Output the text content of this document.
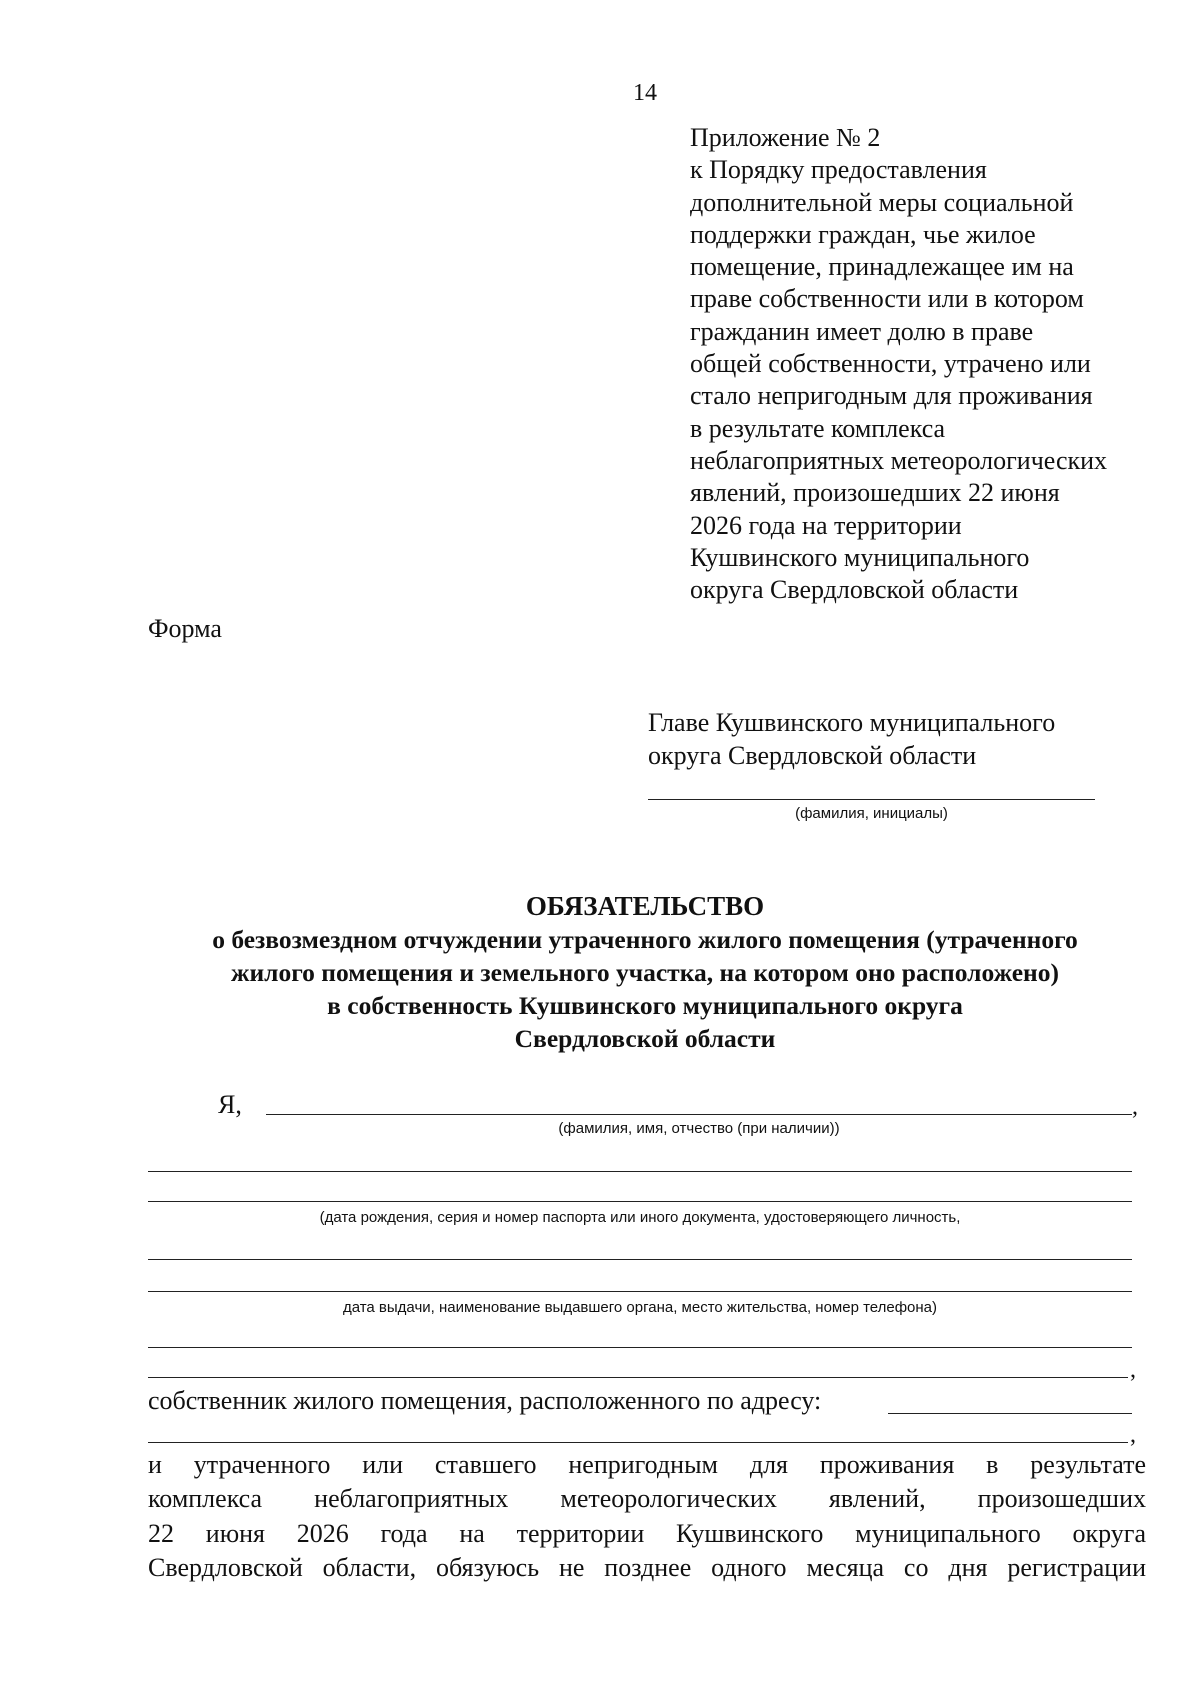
14
Приложение № 2
к Порядку предоставления
дополнительной меры социальной
поддержки граждан, чье жилое
помещение, принадлежащее им на
праве собственности или в котором
гражданин имеет долю в праве
общей собственности, утрачено или
стало непригодным для проживания
в результате комплекса
неблагоприятных метеорологических
явлений, произошедших 22 июня
2026 года на территории
Кушвинского муниципального
округа Свердловской области
Форма
Главе Кушвинского муниципального
округа Свердловской области
(фамилия, инициалы)
ОБЯЗАТЕЛЬСТВО
о безвозмездном отчуждении утраченного жилого помещения (утраченного
жилого помещения и земельного участка, на котором оно расположено)
в собственность Кушвинского муниципального округа
Свердловской области
Я,	,
(фамилия, имя, отчество (при наличии))
(дата рождения, серия и номер паспорта или иного документа, удостоверяющего личность,
дата выдачи, наименование выдавшего органа, место жительства, номер телефона)
,
собственник жилого помещения, расположенного по адресу:
,
и утраченного или ставшего непригодным для проживания в результате
комплекса неблагоприятных метеорологических явлений, произошедших
22 июня 2026 года на территории Кушвинского муниципального округа
Свердловской области, обязуюсь не позднее одного месяца со дня регистрации
